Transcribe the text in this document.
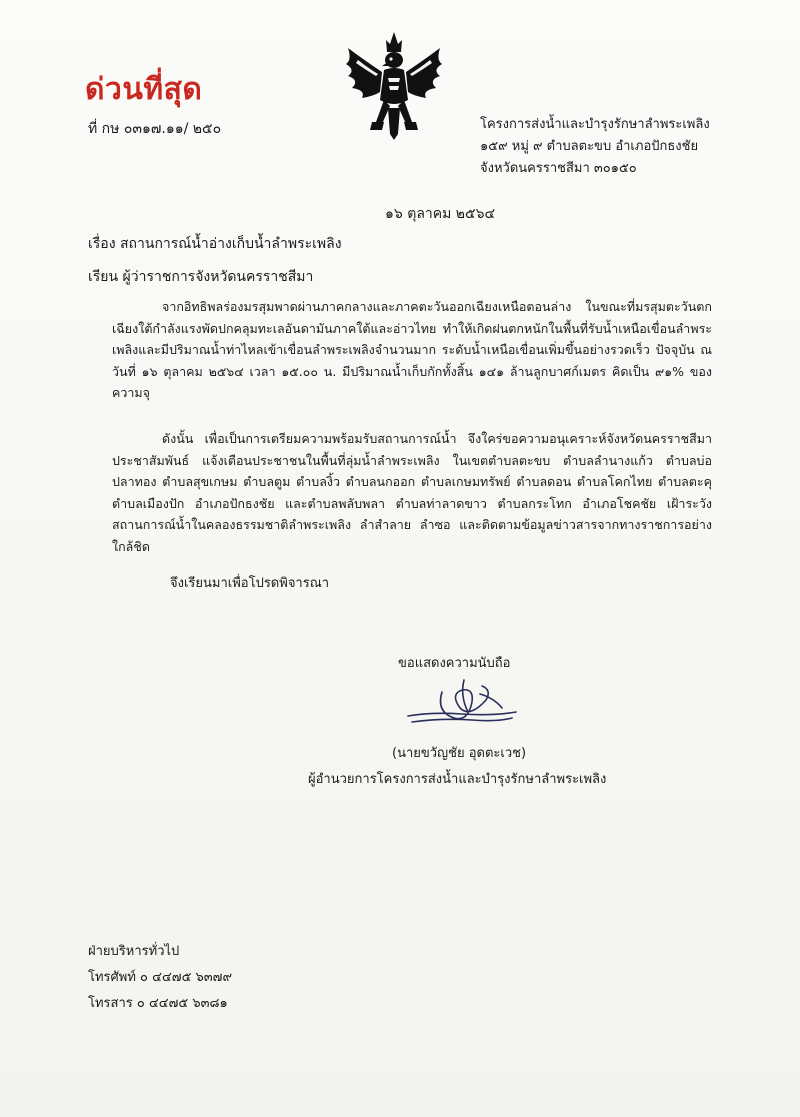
ด่วนที่สุด
ที่ กษ ๐๓๑๗.๑๑/ ๒๕๐	โครงการส่งน้ำและบำรุงรักษาลำพระเพลิง
๑๕๙ หมู่ ๙ ตำบลตะขบ อำเภอปักธงชัย
จังหวัดนครราชสีมา ๓๐๑๕๐
๑๖ ตุลาคม ๒๕๖๔
เรื่อง สถานการณ์น้ำอ่างเก็บน้ำลำพระเพลิง
เรียน ผู้ว่าราชการจังหวัดนครราชสีมา

จากอิทธิพลร่องมรสุมพาดผ่านภาคกลางและภาคตะวันออกเฉียงเหนือตอนล่าง ในขณะที่มรสุมตะวันตกเฉียงใต้กำลังแรงพัดปกคลุมทะเลอันดามันภาคใต้และอ่าวไทย ทำให้เกิดฝนตกหนักในพื้นที่รับน้ำเหนือเขื่อนลำพระเพลิงและมีปริมาณน้ำท่าไหลเข้าเขื่อนลำพระเพลิงจำนวนมาก ระดับน้ำเหนือเขื่อนเพิ่มขึ้นอย่างรวดเร็ว ปัจจุบัน ณ วันที่ ๑๖ ตุลาคม ๒๕๖๔ เวลา ๑๕.๐๐ น. มีปริมาณน้ำเก็บกักทั้งสิ้น ๑๔๑ ล้านลูกบาศก์เมตร คิดเป็น ๙๑% ของความจุ

ดังนั้น เพื่อเป็นการเตรียมความพร้อมรับสถานการณ์น้ำ จึงใคร่ขอความอนุเคราะห์จังหวัดนครราชสีมาประชาสัมพันธ์ แจ้งเตือนประชาชนในพื้นที่ลุ่มน้ำลำพระเพลิง ในเขตตำบลตะขบ ตำบลลำนางแก้ว ตำบลบ่อปลาทอง ตำบลสุขเกษม ตำบลตูม ตำบลงิ้ว ตำบลนกออก ตำบลเกษมทรัพย์ ตำบลดอน ตำบลโคกไทย ตำบลตะคุ ตำบลเมืองปัก อำเภอปักธงชัย และตำบลพลับพลา ตำบลท่าลาดขาว ตำบลกระโทก อำเภอโชคชัย เฝ้าระวังสถานการณ์น้ำในคลองธรรมชาติลำพระเพลิง ลำสำลาย ลำซอ และติดตามข้อมูลข่าวสารจากทางราชการอย่างใกล้ชิด

จึงเรียนมาเพื่อโปรดพิจารณา
ขอแสดงความนับถือ
(นายขวัญชัย อุดตะเวช)
ผู้อำนวยการโครงการส่งน้ำและบำรุงรักษาลำพระเพลิง
ฝ่ายบริหารทั่วไป
โทรศัพท์ ๐ ๔๔๗๕ ๖๓๗๙
โทรสาร ๐ ๔๔๗๕ ๖๓๘๑
